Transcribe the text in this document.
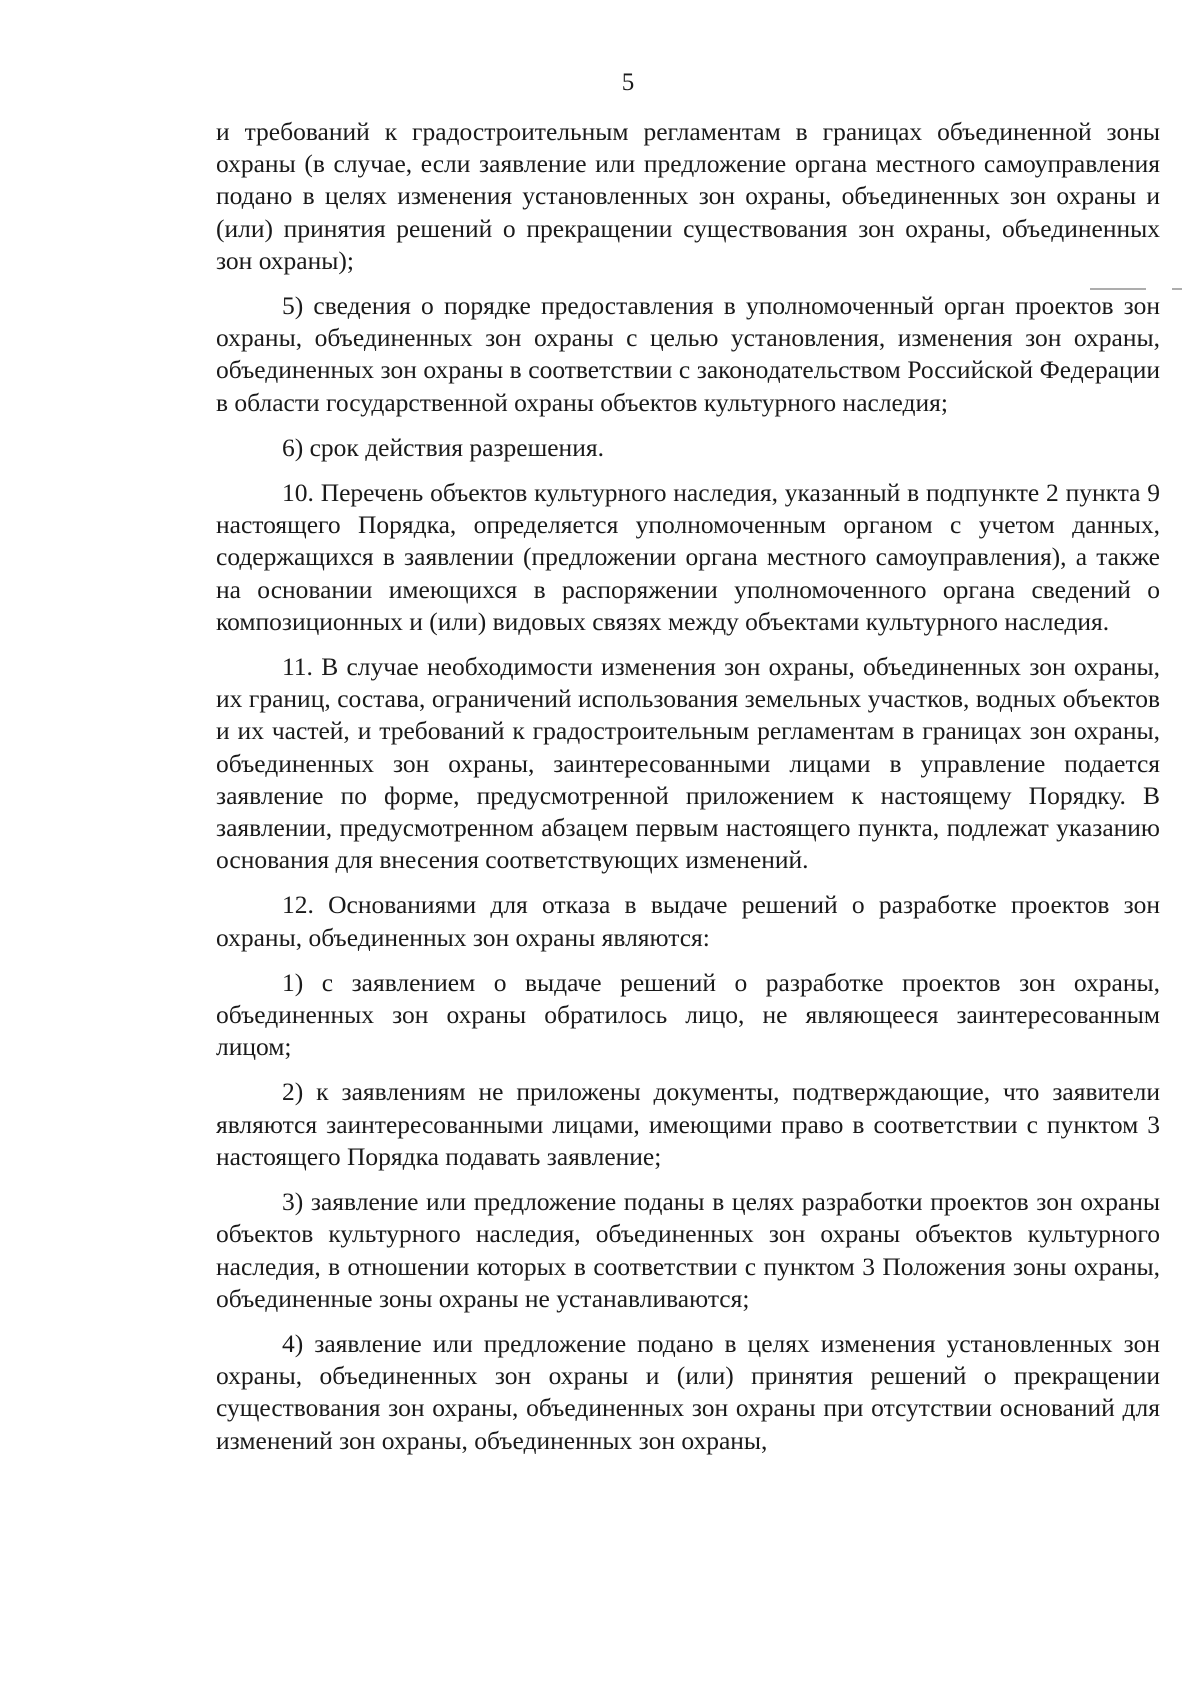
5

и требований к градостроительным регламентам в границах объединенной зоны охраны (в случае, если заявление или предложение органа местного самоуправления подано в целях изменения установленных зон охраны, объединенных зон охраны и (или) принятия решений о прекращении существования зон охраны, объединенных зон охраны);

5) сведения о порядке предоставления в уполномоченный орган проектов зон охраны, объединенных зон охраны с целью установления, изменения зон охраны, объединенных зон охраны в соответствии с законодательством Российской Федерации в области государственной охраны объектов культурного наследия;

6) срок действия разрешения.

10. Перечень объектов культурного наследия, указанный в подпункте 2 пункта 9 настоящего Порядка, определяется уполномоченным органом с учетом данных, содержащихся в заявлении (предложении органа местного самоуправления), а также на основании имеющихся в распоряжении уполномоченного органа сведений о композиционных и (или) видовых связях между объектами культурного наследия.

11. В случае необходимости изменения зон охраны, объединенных зон охраны, их границ, состава, ограничений использования земельных участков, водных объектов и их частей, и требований к градостроительным регламентам в границах зон охраны, объединенных зон охраны, заинтересованными лицами в управление подается заявление по форме, предусмотренной приложением к настоящему Порядку. В заявлении, предусмотренном абзацем первым настоящего пункта, подлежат указанию основания для внесения соответствующих изменений.

12. Основаниями для отказа в выдаче решений о разработке проектов зон охраны, объединенных зон охраны являются:

1) с заявлением о выдаче решений о разработке проектов зон охраны, объединенных зон охраны обратилось лицо, не являющееся заинтересованным лицом;

2) к заявлениям не приложены документы, подтверждающие, что заявители являются заинтересованными лицами, имеющими право в соответствии с пунктом 3 настоящего Порядка подавать заявление;

3) заявление или предложение поданы в целях разработки проектов зон охраны объектов культурного наследия, объединенных зон охраны объектов культурного наследия, в отношении которых в соответствии с пунктом 3 Положения зоны охраны, объединенные зоны охраны не устанавливаются;

4) заявление или предложение подано в целях изменения установленных зон охраны, объединенных зон охраны и (или) принятия решений о прекращении существования зон охраны, объединенных зон охраны при отсутствии оснований для изменений зон охраны, объединенных зон охраны,
